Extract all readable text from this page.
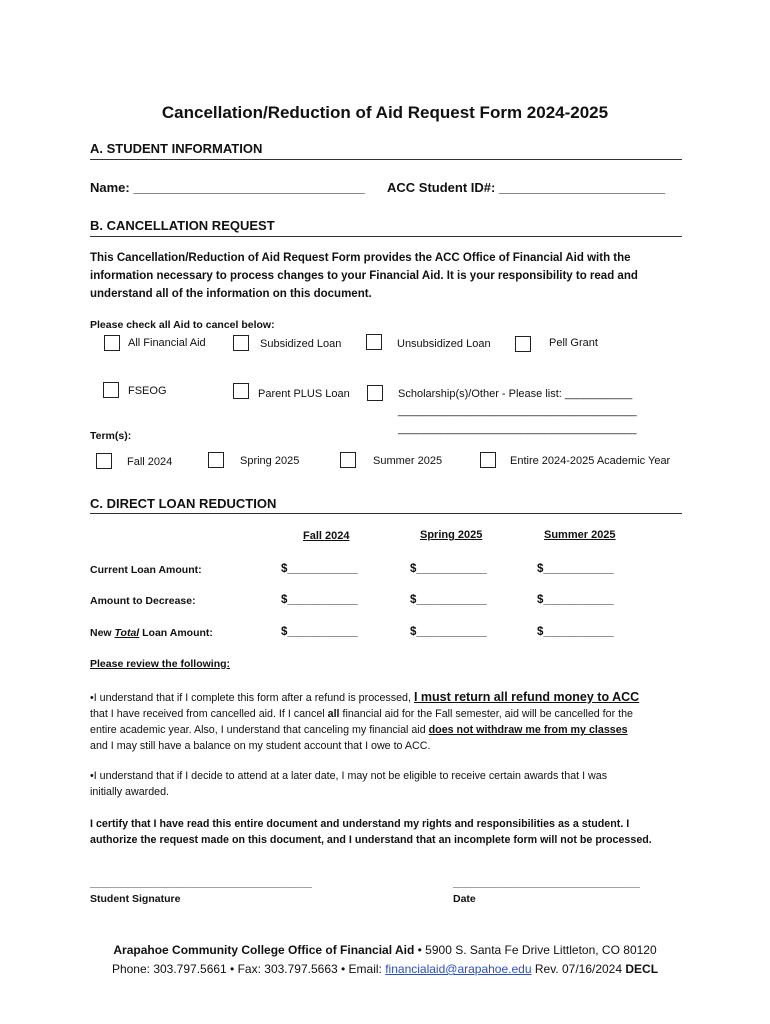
Cancellation/Reduction of Aid Request Form 2024-2025
A. STUDENT INFORMATION
Name: ________________________________ ACC Student ID#: _______________________
B. CANCELLATION REQUEST
This Cancellation/Reduction of Aid Request Form provides the ACC Office of Financial Aid with the
information necessary to process changes to your Financial Aid. It is your responsibility to read and
understand all of the information on this document.
Please check all Aid to cancel below:
All Financial Aid	Subsidized Loan	Unsubsidized Loan	Pell Grant
FSEOG	Parent PLUS Loan	Scholarship(s)/Other - Please list: ___________
_______________________________________
_______________________________________
Term(s):
Fall 2024	Spring 2025	Summer 2025	Entire 2024-2025 Academic Year
C. DIRECT LOAN REDUCTION
Fall 2024	Spring 2025	Summer 2025
Current Loan Amount:	$___________	$___________	$___________
Amount to Decrease:	$___________	$___________	$___________
New Total Loan Amount:	$___________	$___________	$___________
Please review the following:
•I understand that if I complete this form after a refund is processed, I must return all refund money to ACC
that I have received from cancelled aid. If I cancel all financial aid for the Fall semester, aid will be cancelled for the
entire academic year. Also, I understand that canceling my financial aid does not withdraw me from my classes
and I may still have a balance on my student account that I owe to ACC.
•I understand that if I decide to attend at a later date, I may not be eligible to receive certain awards that I was
initially awarded.
I certify that I have read this entire document and understand my rights and responsibilities as a student. I
authorize the request made on this document, and I understand that an incomplete form will not be processed.
______________________________________
Student Signature
________________________________
Date
Arapahoe Community College Office of Financial Aid • 5900 S. Santa Fe Drive Littleton, CO 80120
Phone: 303.797.5661 • Fax: 303.797.5663 • Email: financialaid@arapahoe.edu Rev. 07/16/2024 DECL
